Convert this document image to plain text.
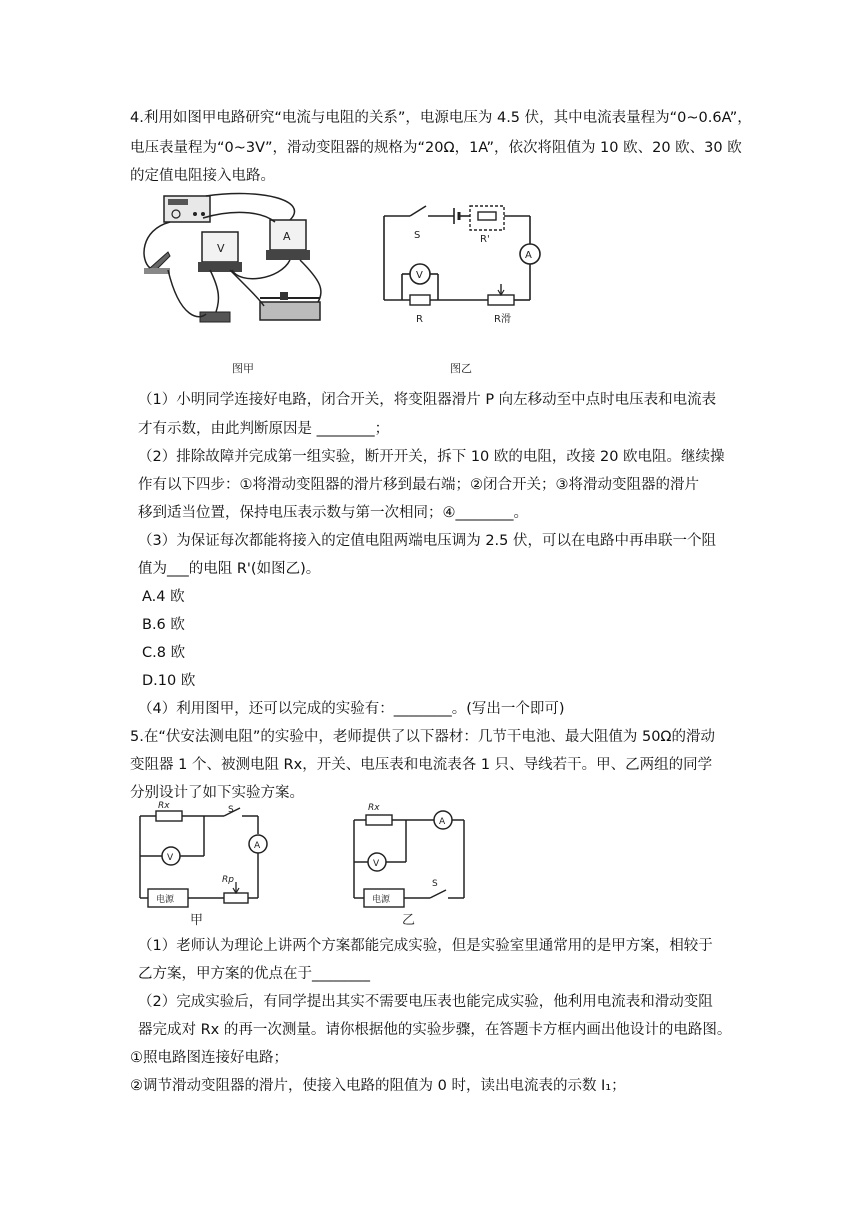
4.利用如图甲电路研究“电流与电阻的关系”，电源电压为 4.5 伏，其中电流表量程为“0~0.6A”，
电压表量程为“0~3V”，滑动变阻器的规格为“20Ω，1A”，依次将阻值为 10 欧、20 欧、30 欧
的定值电阻接入电路。
V
A
图甲
S	R'
A
V
R	R滑
图乙
（1）小明同学连接好电路，闭合开关，将变阻器滑片 P 向左移动至中点时电压表和电流表
才有示数，由此判断原因是 ________；
（2）排除故障并完成第一组实验，断开开关，拆下 10 欧的电阻，改接 20 欧电阻。继续操
作有以下四步：①将滑动变阻器的滑片移到最右端；②闭合开关；③将滑动变阻器的滑片
移到适当位置，保持电压表示数与第一次相同；④________。
（3）为保证每次都能将接入的定值电阻两端电压调为 2.5 伏，可以在电路中再串联一个阻
值为___的电阻 R'(如图乙)。
A.4 欧
B.6 欧
C.8 欧
D.10 欧
（4）利用图甲，还可以完成的实验有：________。(写出一个即可)
5.在“伏安法测电阻”的实验中，老师提供了以下器材：几节干电池、最大阻值为 50Ω的滑动
变阻器 1 个、被测电阻 Rx，开关、电压表和电流表各 1 只、导线若干。甲、乙两组的同学
分别设计了如下实验方案。
Rx	S
A
V
电源
Rp
甲
Rx
A
V
电源
S
乙
（1）老师认为理论上讲两个方案都能完成实验，但是实验室里通常用的是甲方案，相较于
乙方案，甲方案的优点在于________
（2）完成实验后，有同学提出其实不需要电压表也能完成实验，他利用电流表和滑动变阻
器完成对 Rx 的再一次测量。请你根据他的实验步骤，在答题卡方框内画出他设计的电路图。
①照电路图连接好电路；
②调节滑动变阻器的滑片，使接入电路的阻值为 0 时，读出电流表的示数 I₁；
